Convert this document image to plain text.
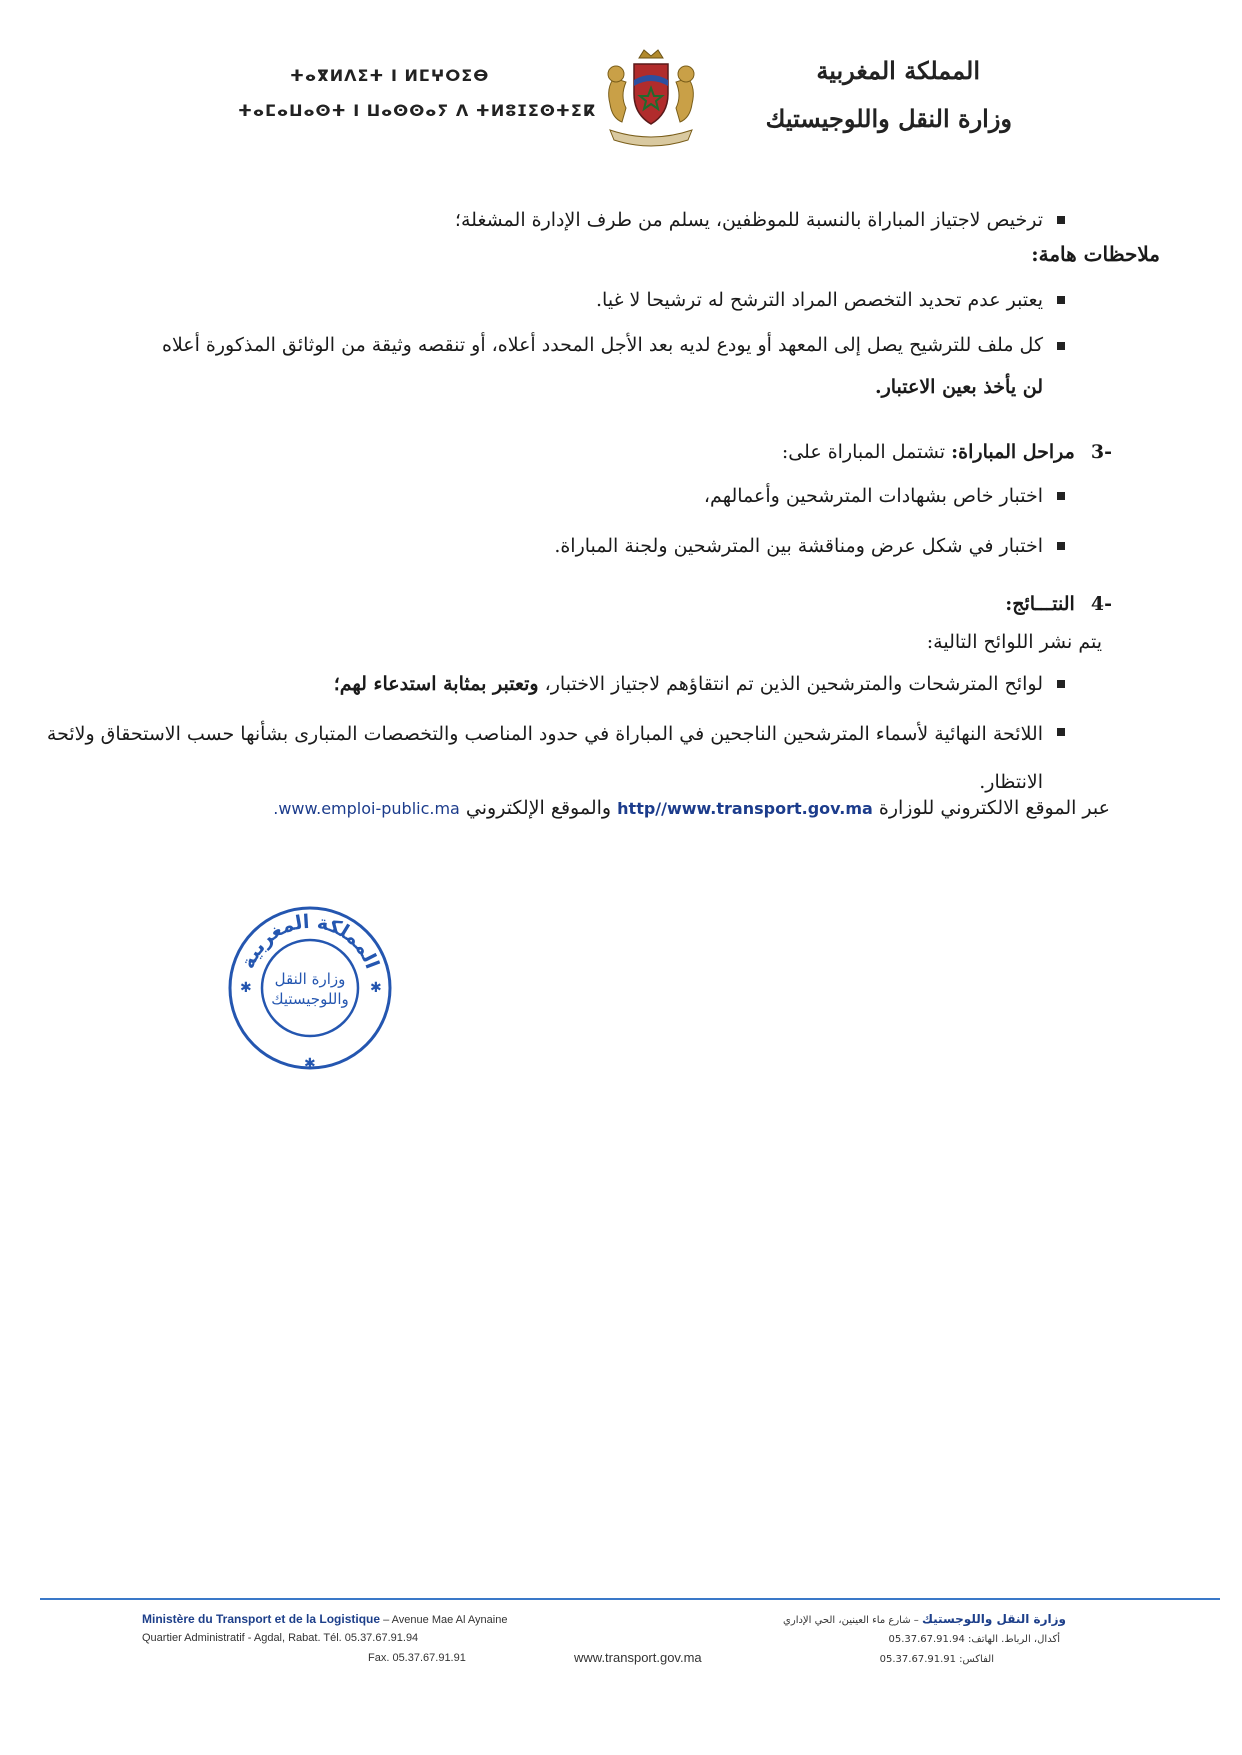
ⵜⴰⴳⵍⴷⵉⵜ ⵏ ⵍⵎⵖⵔⵉⴱ
ⵜⴰⵎⴰⵡⴰⵙⵜ ⵏ ⵡⴰⵙⵙⴰⵢ ⴷ ⵜⵍⵓⵊⵉⵙⵜⵉⴽ
المملكة المغربية
وزارة النقل واللوجيستيك
ترخيص لاجتياز المباراة بالنسبة للموظفين، يسلم من طرف الإدارة المشغلة؛
ملاحظات هامة:
يعتبر عدم تحديد التخصص المراد الترشح له ترشيحا لا غيا.
كل ملف للترشيح يصل إلى المعهد أو يودع لديه بعد الأجل المحدد أعلاه، أو تنقصه وثيقة من الوثائق المذكورة أعلاه لن يأخذ بعين الاعتبار.
-3 مراحل المباراة: تشتمل المباراة على:
اختبار خاص بشهادات المترشحين وأعمالهم،
اختبار في شكل عرض ومناقشة بين المترشحين ولجنة المباراة.
-4 النتـــائج:
يتم نشر اللوائح التالية:
لوائح المترشحات والمترشحين الذين تم انتقاؤهم لاجتياز الاختبار، وتعتبر بمثابة استدعاء لهم؛
اللائحة النهائية لأسماء المترشحين الناجحين في المباراة في حدود المناصب والتخصصات المتبارى بشأنها حسب الاستحقاق ولائحة الانتظار.
عبر الموقع الالكتروني للوزارة http//www.transport.gov.ma والموقع الإلكتروني www.emploi-public.ma.
المملكة المغربية
وزارة النقل
واللوجيستيك
✱	✱
✱
Ministère du Transport et de la Logistique – Avenue Mae Al Aynaine
Quartier Administratif - Agdal, Rabat. Tél. 05.37.67.91.94
Fax. 05.37.67.91.91	www.transport.gov.ma
وزارة النقل واللوجستيك – شارع ماء العينين، الحي الإداري
أكدال، الرباط. الهاتف: 05.37.67.91.94
الفاكس: 05.37.67.91.91
